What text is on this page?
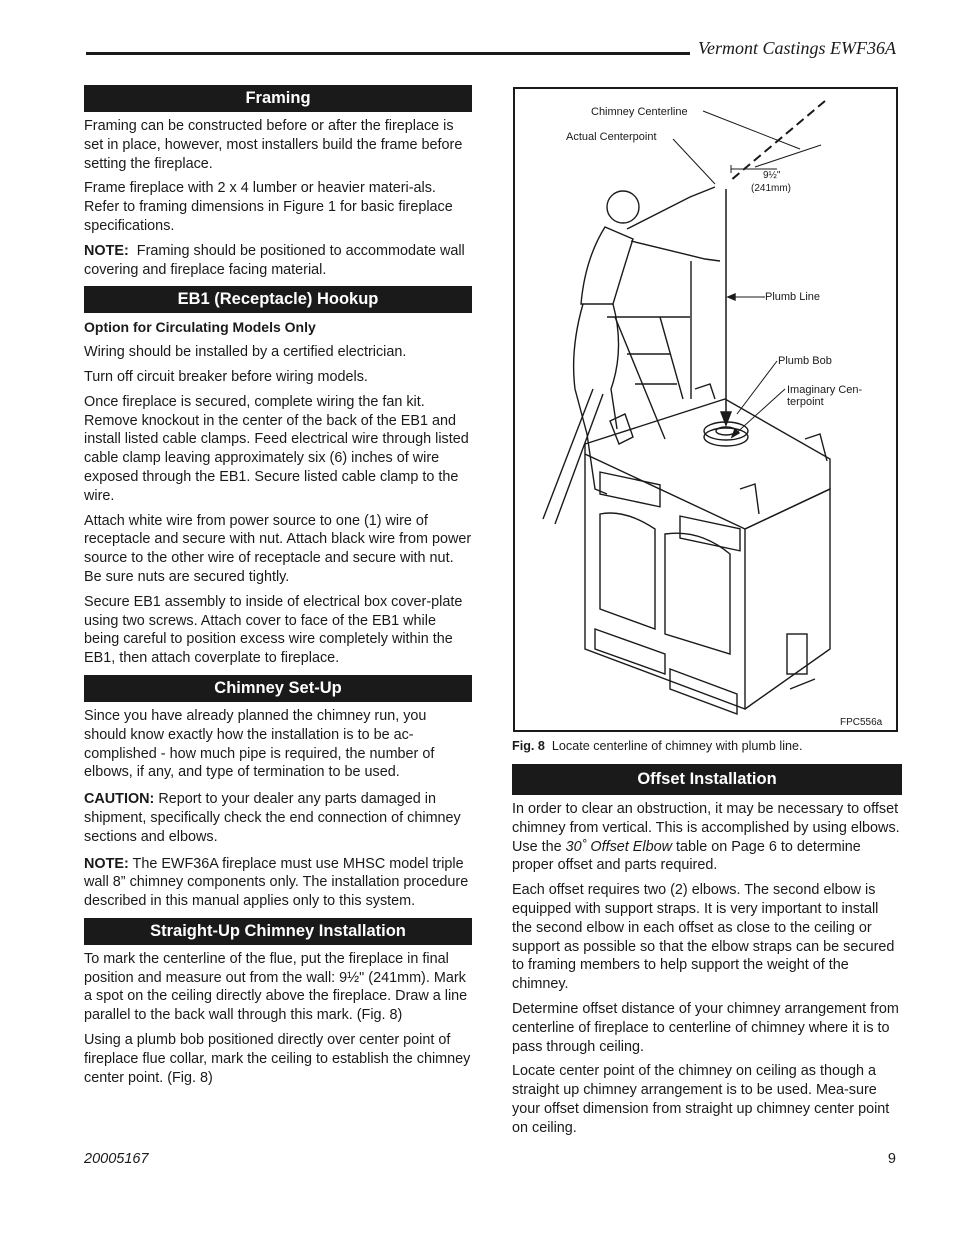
Vermont Castings EWF36A
Framing

Framing can be constructed before or after the fireplace is set in place, however, most installers build the frame before setting the fireplace.

Frame fireplace with 2 x 4 lumber or heavier materi-als. Refer to framing dimensions in Figure 1 for basic fireplace specifications.

NOTE: Framing should be positioned to accommodate wall covering and fireplace facing material.

EB1 (Receptacle) Hookup
Option for Circulating Models Only

Wiring should be installed by a certified electrician.

Turn off circuit breaker before wiring models.

Once fireplace is secured, complete wiring the fan kit. Remove knockout in the center of the back of the EB1 and install listed cable clamps. Feed electrical wire through listed cable clamp leaving approximately six (6) inches of wire exposed through the EB1. Secure listed cable clamp to the wire.

Attach white wire from power source to one (1) wire of receptacle and secure with nut. Attach black wire from power source to the other wire of receptacle and secure with nut. Be sure nuts are secured tightly.

Secure EB1 assembly to inside of electrical box cover-plate using two screws. Attach cover to face of the EB1 while being careful to position excess wire completely within the EB1, then attach coverplate to fireplace.

Chimney Set-Up

Since you have already planned the chimney run, you should know exactly how the installation is to be ac-complished - how much pipe is required, the number of elbows, if any, and type of termination to be used.

CAUTION: Report to your dealer any parts damaged in shipment, specifically check the end connection of chimney sections and elbows.

NOTE: The EWF36A fireplace must use MHSC model triple wall 8” chimney components only. The installation procedure described in this manual applies only to this system.

Straight-Up Chimney Installation

To mark the centerline of the flue, put the fireplace in final position and measure out from the wall: 9½" (241mm). Mark a spot on the ceiling directly above the fireplace. Draw a line parallel to the back wall through this mark. (Fig. 8)

Using a plumb bob positioned directly over center point of fireplace flue collar, mark the ceiling to establish the chimney center point. (Fig. 8)

Chimney Centerline
Actual Centerpoint
9½"
(241mm)
Plumb Line
Plumb Bob
Imaginary Cen-
terpoint
FPC556a
Fig. 8 Locate centerline of chimney with plumb line.
Offset Installation

In order to clear an obstruction, it may be necessary to offset chimney from vertical. This is accomplished by using elbows. Use the 30˚ Offset Elbow table on Page 6 to determine proper offset and parts required.

Each offset requires two (2) elbows. The second elbow is equipped with support straps. It is very important to install the second elbow in each offset as close to the ceiling or support as possible so that the elbow straps can be secured to framing members to help support the weight of the chimney.

Determine offset distance of your chimney arrangement from centerline of fireplace to centerline of chimney where it is to pass through ceiling.

Locate center point of the chimney on ceiling as though a straight up chimney arrangement is to be used. Mea-sure your offset dimension from straight up chimney center point on ceiling.

20005167	9
